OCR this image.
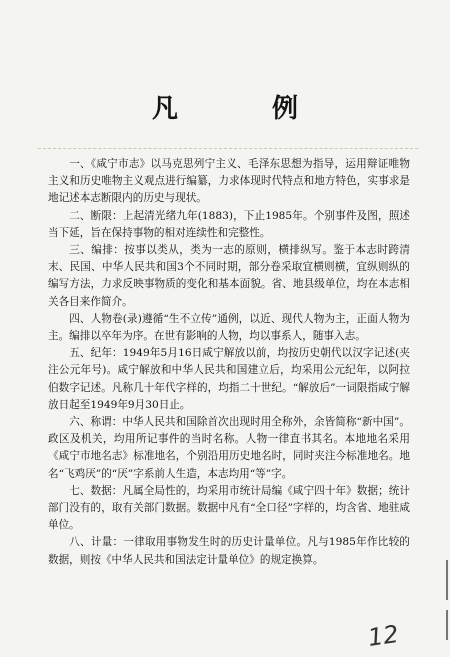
凡　例

一、《咸宁市志》以马克思列宁主义、毛泽东思想为指导，运用辩证唯物主义和历史唯物主义观点进行编纂，力求体现时代特点和地方特色，实事求是地记述本志断限内的历史与现状。

二、断限：上起清光绪九年(1883)，下止1985年。个别事件及图，照述当下延，旨在保持事物的相对连续性和完整性。

三、编排：按事以类从，类为一志的原则，横排纵写。鉴于本志时跨清末、民国、中华人民共和国3个不同时期，部分卷采取宜横则横，宜纵则纵的编写方法，力求反映事物质的变化和基本面貌。省、地县级单位，均在本志相关各目来作简介。

四、人物卷(录)遵循“生不立传”通例，以近、现代人物为主，正面人物为主。编排以卒年为序。在世有影响的人物，均以事系人，随事入志。

五、纪年：1949年5月16日咸宁解放以前，均按历史朝代以汉字记述(夹注公元年号)。咸宁解放和中华人民共和国建立后，均采用公元纪年，以阿拉伯数字记述。凡称几十年代字样的，均指二十世纪。“解放后”一词限指咸宁解放日起至1949年9月30日止。

六、称谓：中华人民共和国除首次出现时用全称外，余皆简称“新中国”。政区及机关，均用所记事件的当时名称。人物一律直书其名。本地地名采用《咸宁市地名志》标准地名，个别沿用历史地名时，同时夹注今标准地名。地名“飞鸡厌”的“厌”字系前人生造，本志均用“等”字。

七、数据：凡属全局性的，均采用市统计局编《咸宁四十年》数据；统计部门没有的，取有关部门数据。数据中凡有“全口径”字样的，均含省、地驻咸单位。

八、计量：一律取用事物发生时的历史计量单位。凡与1985年作比较的数据，则按《中华人民共和国法定计量单位》的规定换算。

12
